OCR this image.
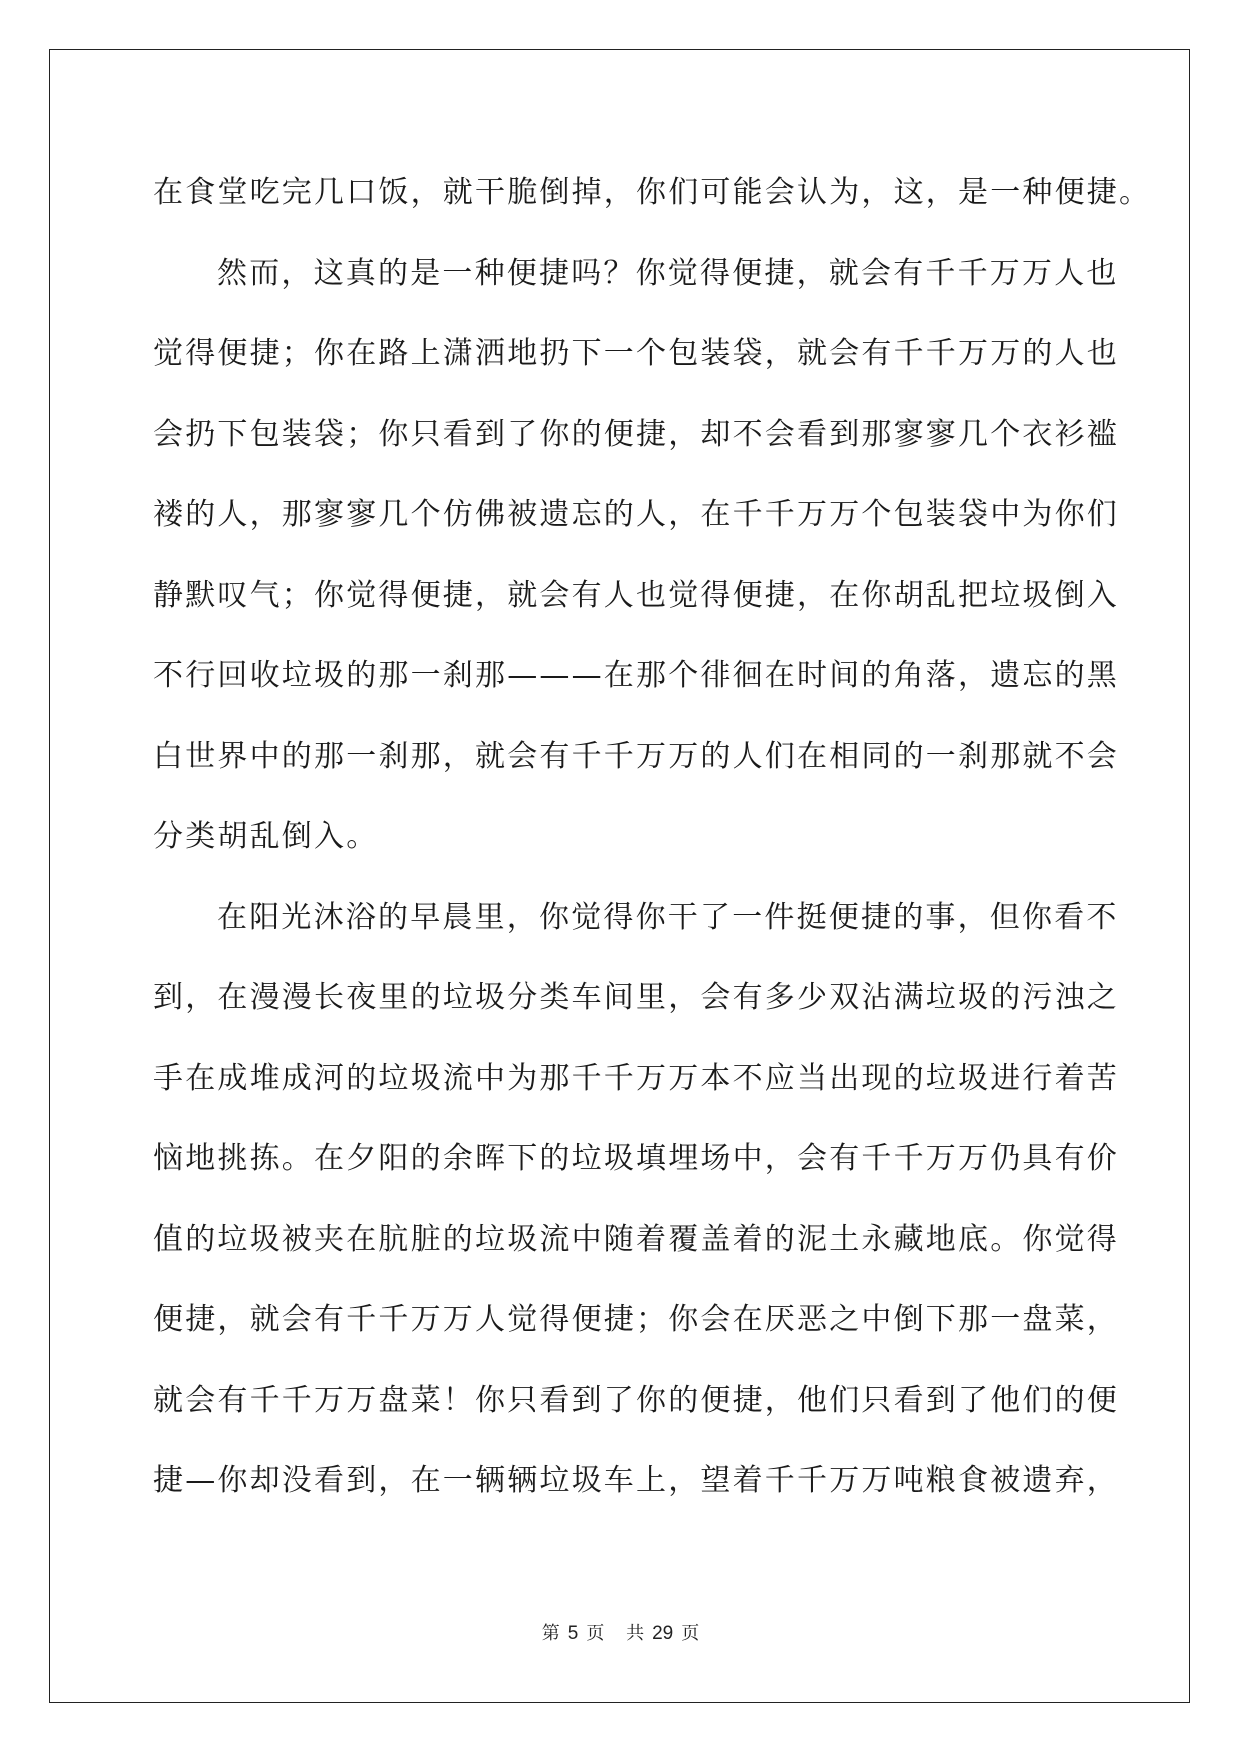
在食堂吃完几口饭，就干脆倒掉，你们可能会认为，这，是一种便捷。
然而，这真的是一种便捷吗？你觉得便捷，就会有千千万万人也
觉得便捷；你在路上潇洒地扔下一个包装袋，就会有千千万万的人也
会扔下包装袋；你只看到了你的便捷，却不会看到那寥寥几个衣衫褴
褛的人，那寥寥几个仿佛被遗忘的人，在千千万万个包装袋中为你们
静默叹气；你觉得便捷，就会有人也觉得便捷，在你胡乱把垃圾倒入
不行回收垃圾的那一刹那———在那个徘徊在时间的角落，遗忘的黑
白世界中的那一刹那，就会有千千万万的人们在相同的一刹那就不会
分类胡乱倒入。
在阳光沐浴的早晨里，你觉得你干了一件挺便捷的事，但你看不
到，在漫漫长夜里的垃圾分类车间里，会有多少双沾满垃圾的污浊之
手在成堆成河的垃圾流中为那千千万万本不应当出现的垃圾进行着苦
恼地挑拣。在夕阳的余晖下的垃圾填埋场中，会有千千万万仍具有价
值的垃圾被夹在肮脏的垃圾流中随着覆盖着的泥土永藏地底。你觉得
便捷，就会有千千万万人觉得便捷；你会在厌恶之中倒下那一盘菜，
就会有千千万万盘菜！你只看到了你的便捷，他们只看到了他们的便
捷—你却没看到，在一辆辆垃圾车上，望着千千万万吨粮食被遗弃，
第 5 页 共 29 页
